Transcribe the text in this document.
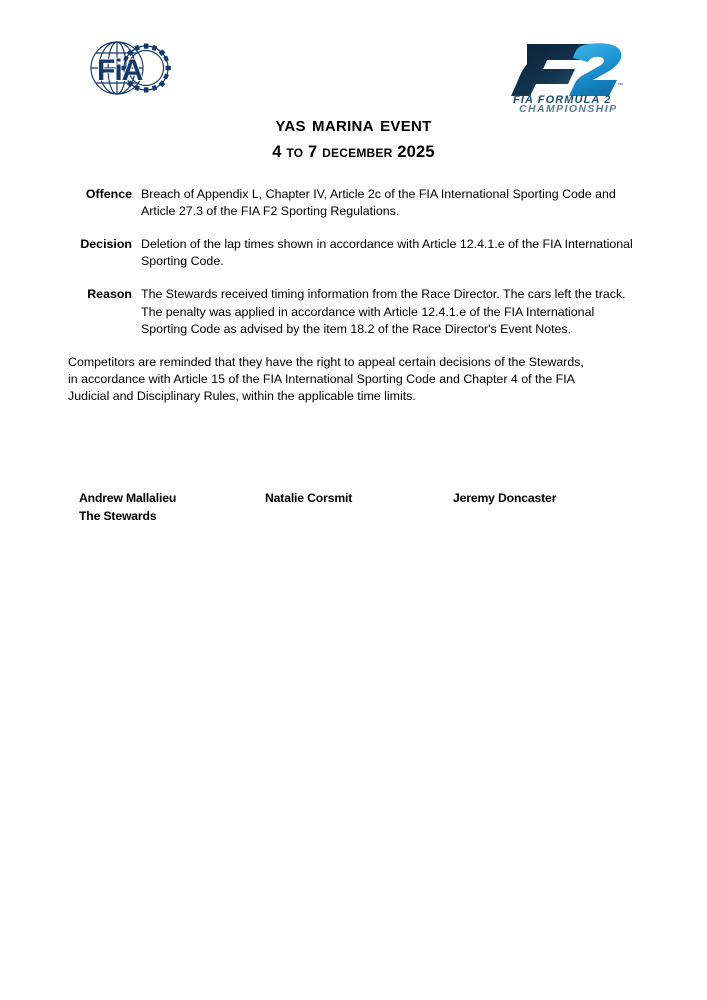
FiA	™
FIA FORMULA 2
CHAMPIONSHIP
yas marina event
4 to 7 december 2025
Offence Breach of Appendix L, Chapter IV, Article 2c of the FIA International Sporting Code and Article 27.3 of the FIA F2 Sporting Regulations.
Decision Deletion of the lap times shown in accordance with Article 12.4.1.e of the FIA International Sporting Code.
Reason The Stewards received timing information from the Race Director. The cars left the track. The penalty was applied in accordance with Article 12.4.1.e of the FIA International Sporting Code as advised by the item 18.2 of the Race Director's Event Notes.
Competitors are reminded that they have the right to appeal certain decisions of the Stewards, in accordance with Article 15 of the FIA International Sporting Code and Chapter 4 of the FIA Judicial and Disciplinary Rules, within the applicable time limits.
Andrew Mallalieu
The Stewards
Natalie Corsmit	Jeremy Doncaster
